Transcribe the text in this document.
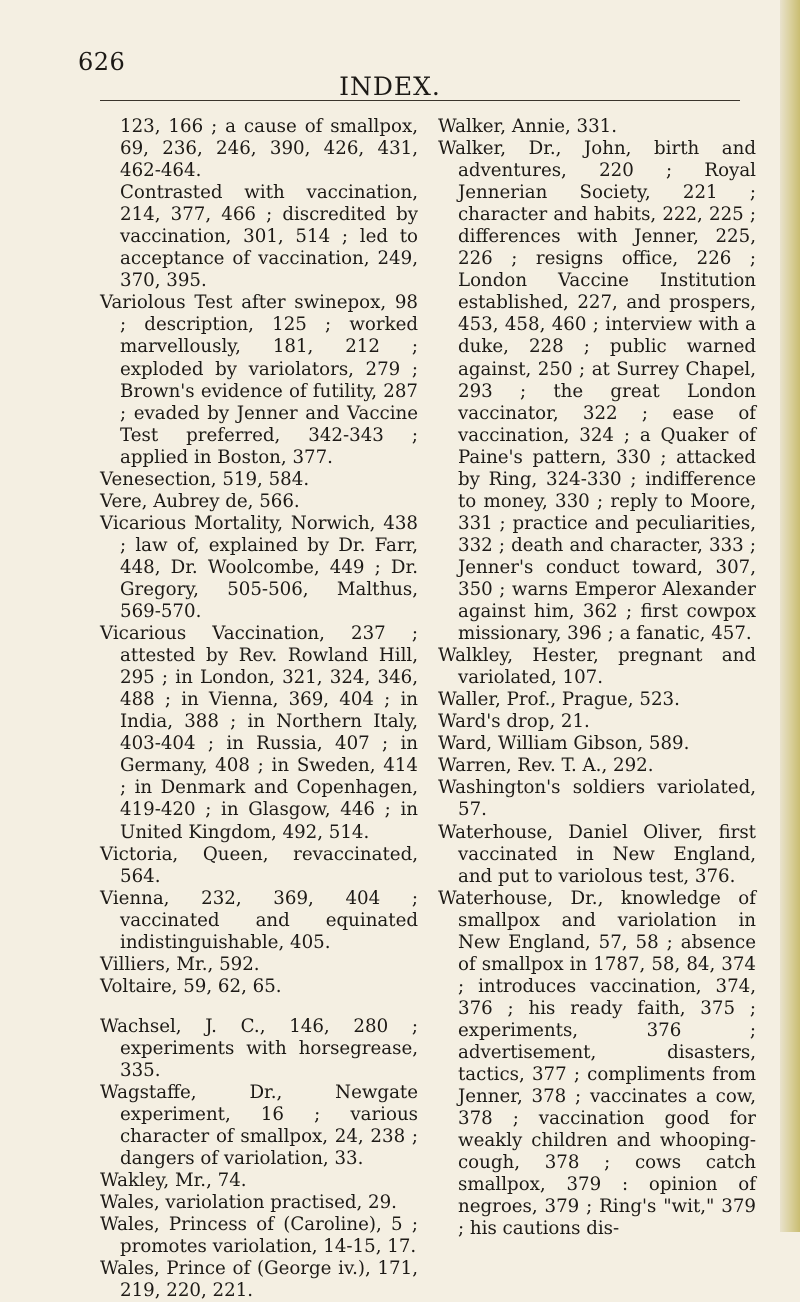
626
INDEX.

123, 166 ; a cause of smallpox, 69, 236, 246, 390, 426, 431, 462-464.

Contrasted with vaccination, 214, 377, 466 ; discredited by vaccination, 301, 514 ; led to acceptance of vaccination, 249, 370, 395.

Variolous Test after swinepox, 98 ; description, 125 ; worked marvellously, 181, 212 ; exploded by variolators, 279 ; Brown's evidence of futility, 287 ; evaded by Jenner and Vaccine Test preferred, 342-343 ; applied in Boston, 377.

Venesection, 519, 584.

Vere, Aubrey de, 566.

Vicarious Mortality, Norwich, 438 ; law of, explained by Dr. Farr, 448, Dr. Woolcombe, 449 ; Dr. Gregory, 505-506, Malthus, 569-570.

Vicarious Vaccination, 237 ; attested by Rev. Rowland Hill, 295 ; in London, 321, 324, 346, 488 ; in Vienna, 369, 404 ; in India, 388 ; in Northern Italy, 403-404 ; in Russia, 407 ; in Germany, 408 ; in Sweden, 414 ; in Denmark and Copenhagen, 419-420 ; in Glasgow, 446 ; in United Kingdom, 492, 514.

Victoria, Queen, revaccinated, 564.

Vienna, 232, 369, 404 ; vaccinated and equinated indistinguishable, 405.

Villiers, Mr., 592.

Voltaire, 59, 62, 65.

Wachsel, J. C., 146, 280 ; experiments with horsegrease, 335.

Wagstaffe, Dr., Newgate experiment, 16 ; various character of smallpox, 24, 238 ; dangers of variolation, 33.

Wakley, Mr., 74.

Wales, variolation practised, 29.

Wales, Princess of (Caroline), 5 ; promotes variolation, 14-15, 17.

Wales, Prince of (George iv.), 171, 219, 220, 221.

Walker, Annie, 331.

Walker, Dr., John, birth and adventures, 220 ; Royal Jennerian Society, 221 ; character and habits, 222, 225 ; differences with Jenner, 225, 226 ; resigns office, 226 ; London Vaccine Institution established, 227, and prospers, 453, 458, 460 ; interview with a duke, 228 ; public warned against, 250 ; at Surrey Chapel, 293 ; the great London vaccinator, 322 ; ease of vaccination, 324 ; a Quaker of Paine's pattern, 330 ; attacked by Ring, 324-330 ; indifference to money, 330 ; reply to Moore, 331 ; practice and peculiarities, 332 ; death and character, 333 ; Jenner's conduct toward, 307, 350 ; warns Emperor Alexander against him, 362 ; first cowpox missionary, 396 ; a fanatic, 457.

Walkley, Hester, pregnant and variolated, 107.

Waller, Prof., Prague, 523.

Ward's drop, 21.

Ward, William Gibson, 589.

Warren, Rev. T. A., 292.

Washington's soldiers variolated, 57.

Waterhouse, Daniel Oliver, first vaccinated in New England, and put to variolous test, 376.

Waterhouse, Dr., knowledge of smallpox and variolation in New England, 57, 58 ; absence of smallpox in 1787, 58, 84, 374 ; introduces vaccination, 374, 376 ; his ready faith, 375 ; experiments, 376 ; advertisement, disasters, tactics, 377 ; compliments from Jenner, 378 ; vaccinates a cow, 378 ; vaccination good for weakly children and whooping-cough, 378 ; cows catch smallpox, 379 : opinion of negroes, 379 ; Ring's "wit," 379 ; his cautions dis-
